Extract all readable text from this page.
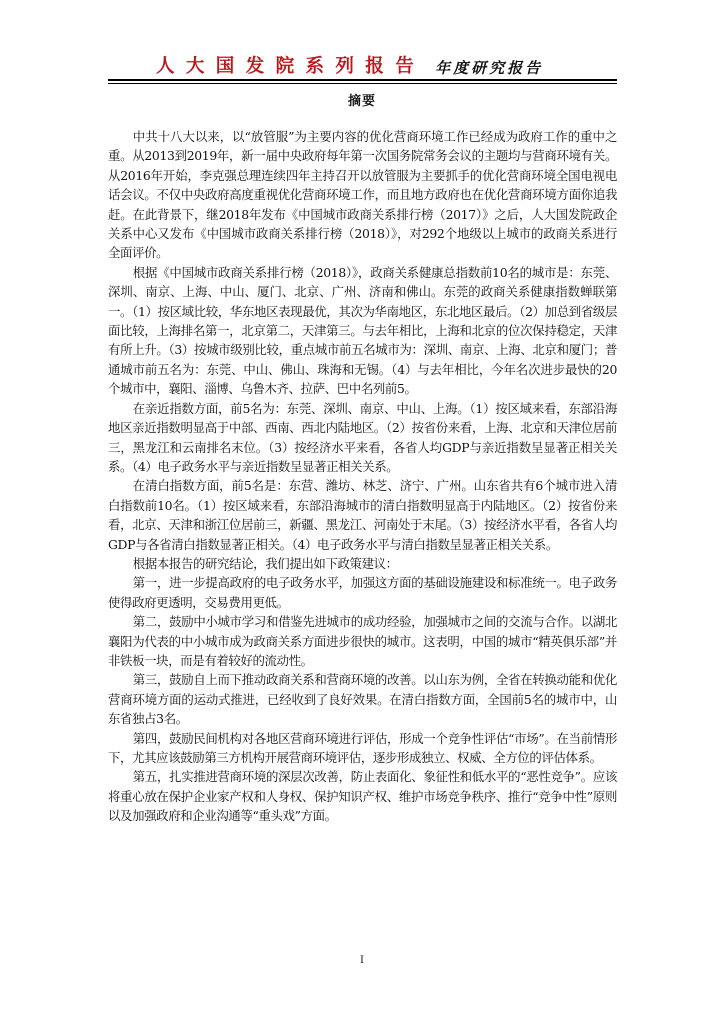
人大国发院系列报告 年度研究报告
摘要

中共十八大以来，以“放管服”为主要内容的优化营商环境工作已经成为政府工作的重中之重。从2013到2019年，新一届中央政府每年第一次国务院常务会议的主题均与营商环境有关。从2016年开始，李克强总理连续四年主持召开以放管服为主要抓手的优化营商环境全国电视电话会议。不仅中央政府高度重视优化营商环境工作，而且地方政府也在优化营商环境方面你追我赶。在此背景下，继2018年发布《中国城市政商关系排行榜（2017）》之后，人大国发院政企关系中心又发布《中国城市政商关系排行榜（2018）》，对292个地级以上城市的政商关系进行全面评价。

根据《中国城市政商关系排行榜（2018）》，政商关系健康总指数前10名的城市是：东莞、深圳、南京、上海、中山、厦门、北京、广州、济南和佛山。东莞的政商关系健康指数蝉联第一。（1）按区域比较，华东地区表现最优，其次为华南地区，东北地区最后。（2）加总到省级层面比较，上海排名第一，北京第二，天津第三。与去年相比，上海和北京的位次保持稳定，天津有所上升。（3）按城市级别比较，重点城市前五名城市为：深圳、南京、上海、北京和厦门；普通城市前五名为：东莞、中山、佛山、珠海和无锡。（4）与去年相比，今年名次进步最快的20个城市中，襄阳、淄博、乌鲁木齐、拉萨、巴中名列前5。

在亲近指数方面，前5名为：东莞、深圳、南京、中山、上海。（1）按区域来看，东部沿海地区亲近指数明显高于中部、西南、西北内陆地区。（2）按省份来看，上海、北京和天津位居前三，黑龙江和云南排名末位。（3）按经济水平来看，各省人均GDP与亲近指数呈显著正相关关系。（4）电子政务水平与亲近指数呈显著正相关关系。

在清白指数方面，前5名是：东营、潍坊、林芝、济宁、广州。山东省共有6个城市进入清白指数前10名。（1）按区域来看，东部沿海城市的清白指数明显高于内陆地区。（2）按省份来看，北京、天津和浙江位居前三，新疆、黑龙江、河南处于末尾。（3）按经济水平看，各省人均GDP与各省清白指数显著正相关。（4）电子政务水平与清白指数呈显著正相关关系。

根据本报告的研究结论，我们提出如下政策建议：

第一，进一步提高政府的电子政务水平，加强这方面的基础设施建设和标准统一。电子政务使得政府更透明，交易费用更低。

第二，鼓励中小城市学习和借鉴先进城市的成功经验，加强城市之间的交流与合作。以湖北襄阳为代表的中小城市成为政商关系方面进步很快的城市。这表明，中国的城市“精英俱乐部”并非铁板一块，而是有着较好的流动性。

第三，鼓励自上而下推动政商关系和营商环境的改善。以山东为例，全省在转换动能和优化营商环境方面的运动式推进，已经收到了良好效果。在清白指数方面，全国前5名的城市中，山东省独占3名。

第四，鼓励民间机构对各地区营商环境进行评估，形成一个竞争性评估“市场”。在当前情形下，尤其应该鼓励第三方机构开展营商环境评估，逐步形成独立、权威、全方位的评估体系。

第五，扎实推进营商环境的深层次改善，防止表面化、象征性和低水平的“恶性竞争”。应该将重心放在保护企业家产权和人身权、保护知识产权、维护市场竞争秩序、推行“竞争中性”原则以及加强政府和企业沟通等“重头戏”方面。

I
